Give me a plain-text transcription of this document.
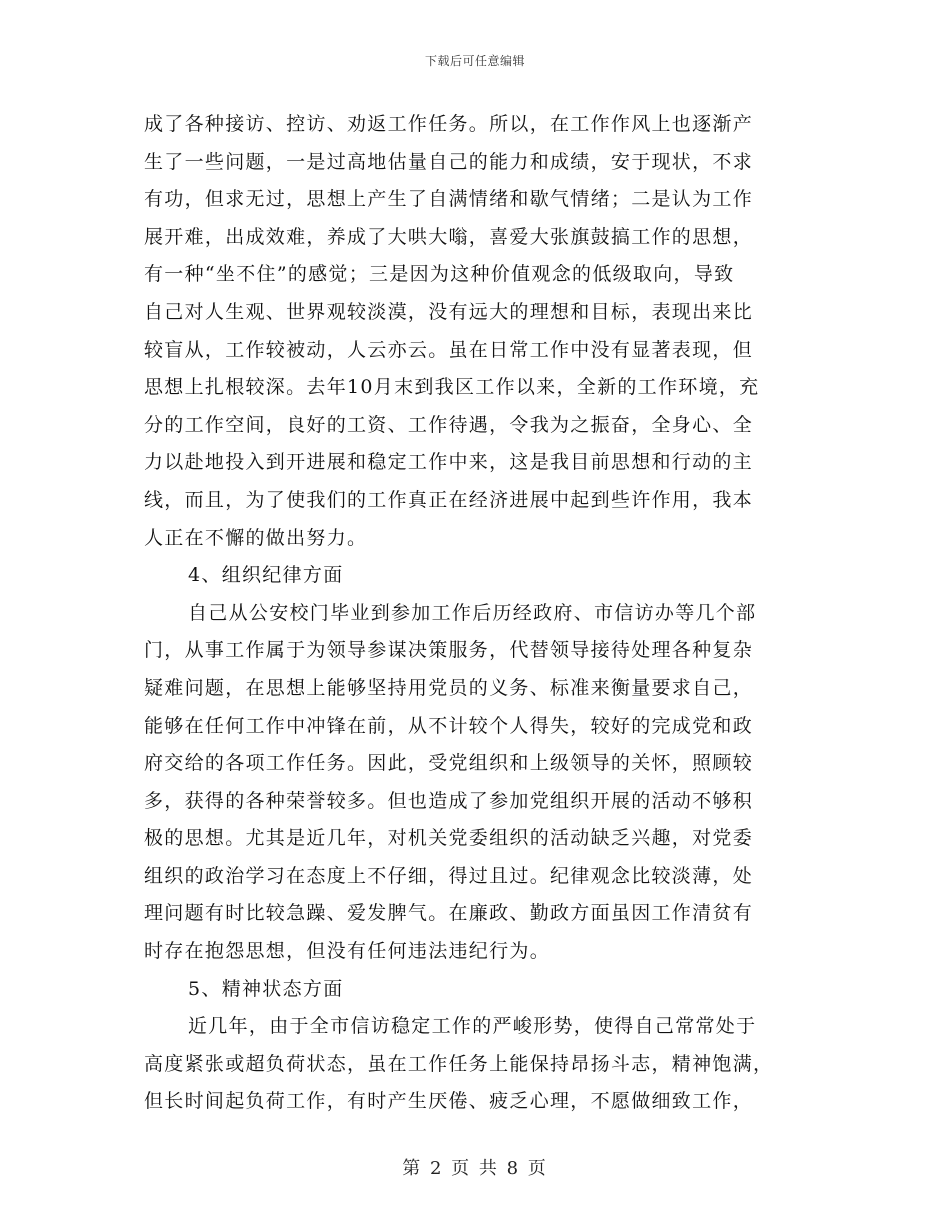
下载后可任意编辑
成了各种接访、控访、劝返工作任务。所以，在工作作风上也逐渐产
生了一些问题，一是过高地估量自己的能力和成绩，安于现状，不求
有功，但求无过，思想上产生了自满情绪和歇气情绪；二是认为工作
展开难，出成效难，养成了大哄大嗡，喜爱大张旗鼓搞工作的思想，
有一种“坐不住”的感觉；三是因为这种价值观念的低级取向，导致
自己对人生观、世界观较淡漠，没有远大的理想和目标，表现出来比
较盲从，工作较被动，人云亦云。虽在日常工作中没有显著表现，但
思想上扎根较深。去年10月末到我区工作以来，全新的工作环境，充
分的工作空间，良好的工资、工作待遇，令我为之振奋，全身心、全
力以赴地投入到开进展和稳定工作中来，这是我目前思想和行动的主
线，而且，为了使我们的工作真正在经济进展中起到些许作用，我本
人正在不懈的做出努力。
4、组织纪律方面
自己从公安校门毕业到参加工作后历经政府、市信访办等几个部
门，从事工作属于为领导参谋决策服务，代替领导接待处理各种复杂
疑难问题，在思想上能够坚持用党员的义务、标准来衡量要求自己，
能够在任何工作中冲锋在前，从不计较个人得失，较好的完成党和政
府交给的各项工作任务。因此，受党组织和上级领导的关怀，照顾较
多，获得的各种荣誉较多。但也造成了参加党组织开展的活动不够积
极的思想。尤其是近几年，对机关党委组织的活动缺乏兴趣，对党委
组织的政治学习在态度上不仔细，得过且过。纪律观念比较淡薄，处
理问题有时比较急躁、爱发脾气。在廉政、勤政方面虽因工作清贫有
时存在抱怨思想，但没有任何违法违纪行为。
5、精神状态方面
近几年，由于全市信访稳定工作的严峻形势，使得自己常常处于
高度紧张或超负荷状态，虽在工作任务上能保持昂扬斗志，精神饱满，
但长时间起负荷工作，有时产生厌倦、疲乏心理，不愿做细致工作，
第 2 页 共 8 页
